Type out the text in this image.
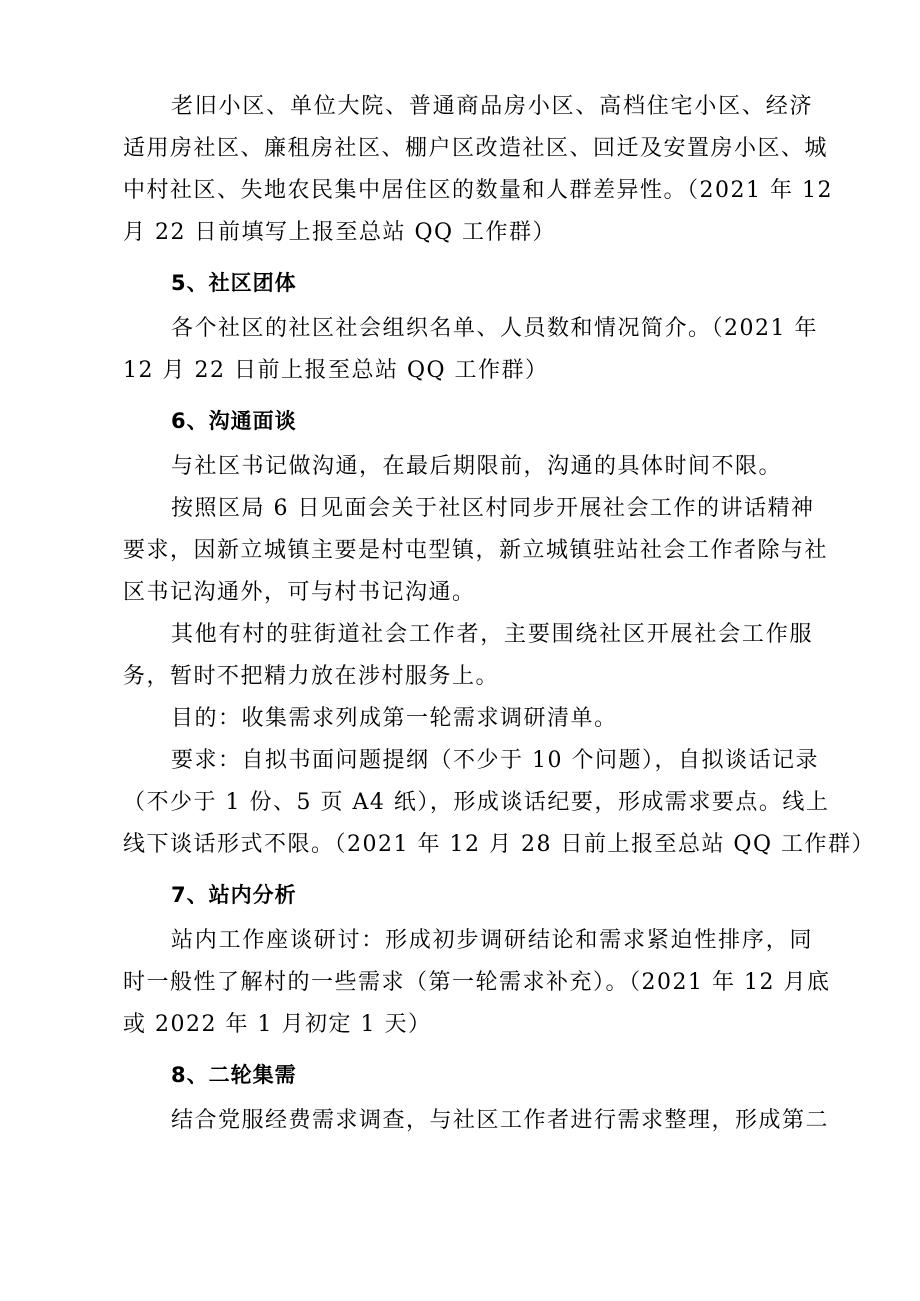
老旧小区、单位大院、普通商品房小区、高档住宅小区、经济
适用房社区、廉租房社区、棚户区改造社区、回迁及安置房小区、城
中村社区、失地农民集中居住区的数量和人群差异性。（2021 年 12
月 22 日前填写上报至总站 QQ 工作群）
5、社区团体
各个社区的社区社会组织名单、人员数和情况简介。（2021 年
12 月 22 日前上报至总站 QQ 工作群）
6、沟通面谈
与社区书记做沟通，在最后期限前，沟通的具体时间不限。
按照区局 6 日见面会关于社区村同步开展社会工作的讲话精神
要求，因新立城镇主要是村屯型镇，新立城镇驻站社会工作者除与社
区书记沟通外，可与村书记沟通。
其他有村的驻街道社会工作者，主要围绕社区开展社会工作服
务，暂时不把精力放在涉村服务上。
目的：收集需求列成第一轮需求调研清单。
要求：自拟书面问题提纲（不少于 10 个问题），自拟谈话记录
（不少于 1 份、5 页 A4 纸），形成谈话纪要，形成需求要点。线上
线下谈话形式不限。（2021 年 12 月 28 日前上报至总站 QQ 工作群）
7、站内分析
站内工作座谈研讨：形成初步调研结论和需求紧迫性排序，同
时一般性了解村的一些需求（第一轮需求补充）。（2021 年 12 月底
或 2022 年 1 月初定 1 天）
8、二轮集需
结合党服经费需求调查，与社区工作者进行需求整理，形成第二
